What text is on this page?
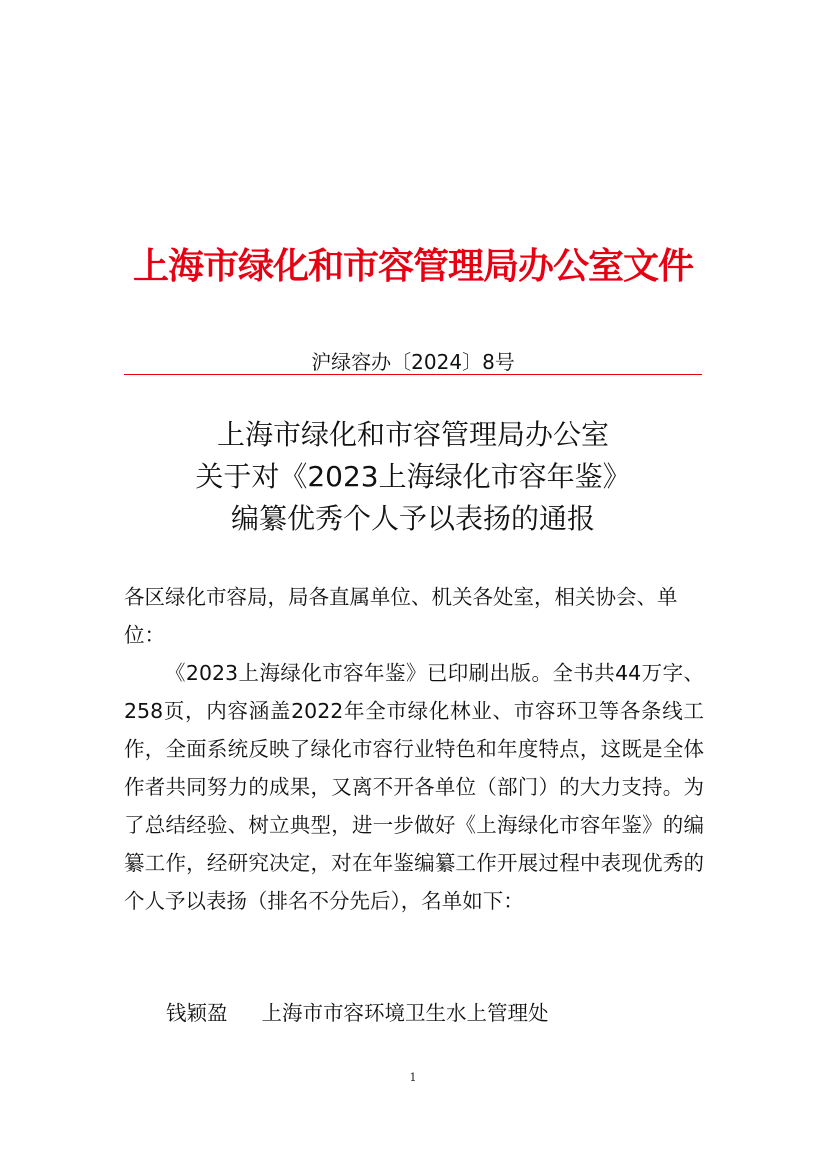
上海市绿化和市容管理局办公室文件
沪绿容办〔2024〕8号
上海市绿化和市容管理局办公室
关于对《2023上海绿化市容年鉴》
编纂优秀个人予以表扬的通报

各区绿化市容局，局各直属单位、机关各处室，相关协会、单位：

《2023上海绿化市容年鉴》已印刷出版。全书共44万字、258页，内容涵盖2022年全市绿化林业、市容环卫等各条线工作，全面系统反映了绿化市容行业特色和年度特点，这既是全体作者共同努力的成果，又离不开各单位（部门）的大力支持。为了总结经验、树立典型，进一步做好《上海绿化市容年鉴》的编纂工作，经研究决定，对在年鉴编纂工作开展过程中表现优秀的个人予以表扬（排名不分先后），名单如下：

钱颖盈 上海市市容环境卫生水上管理处
1
